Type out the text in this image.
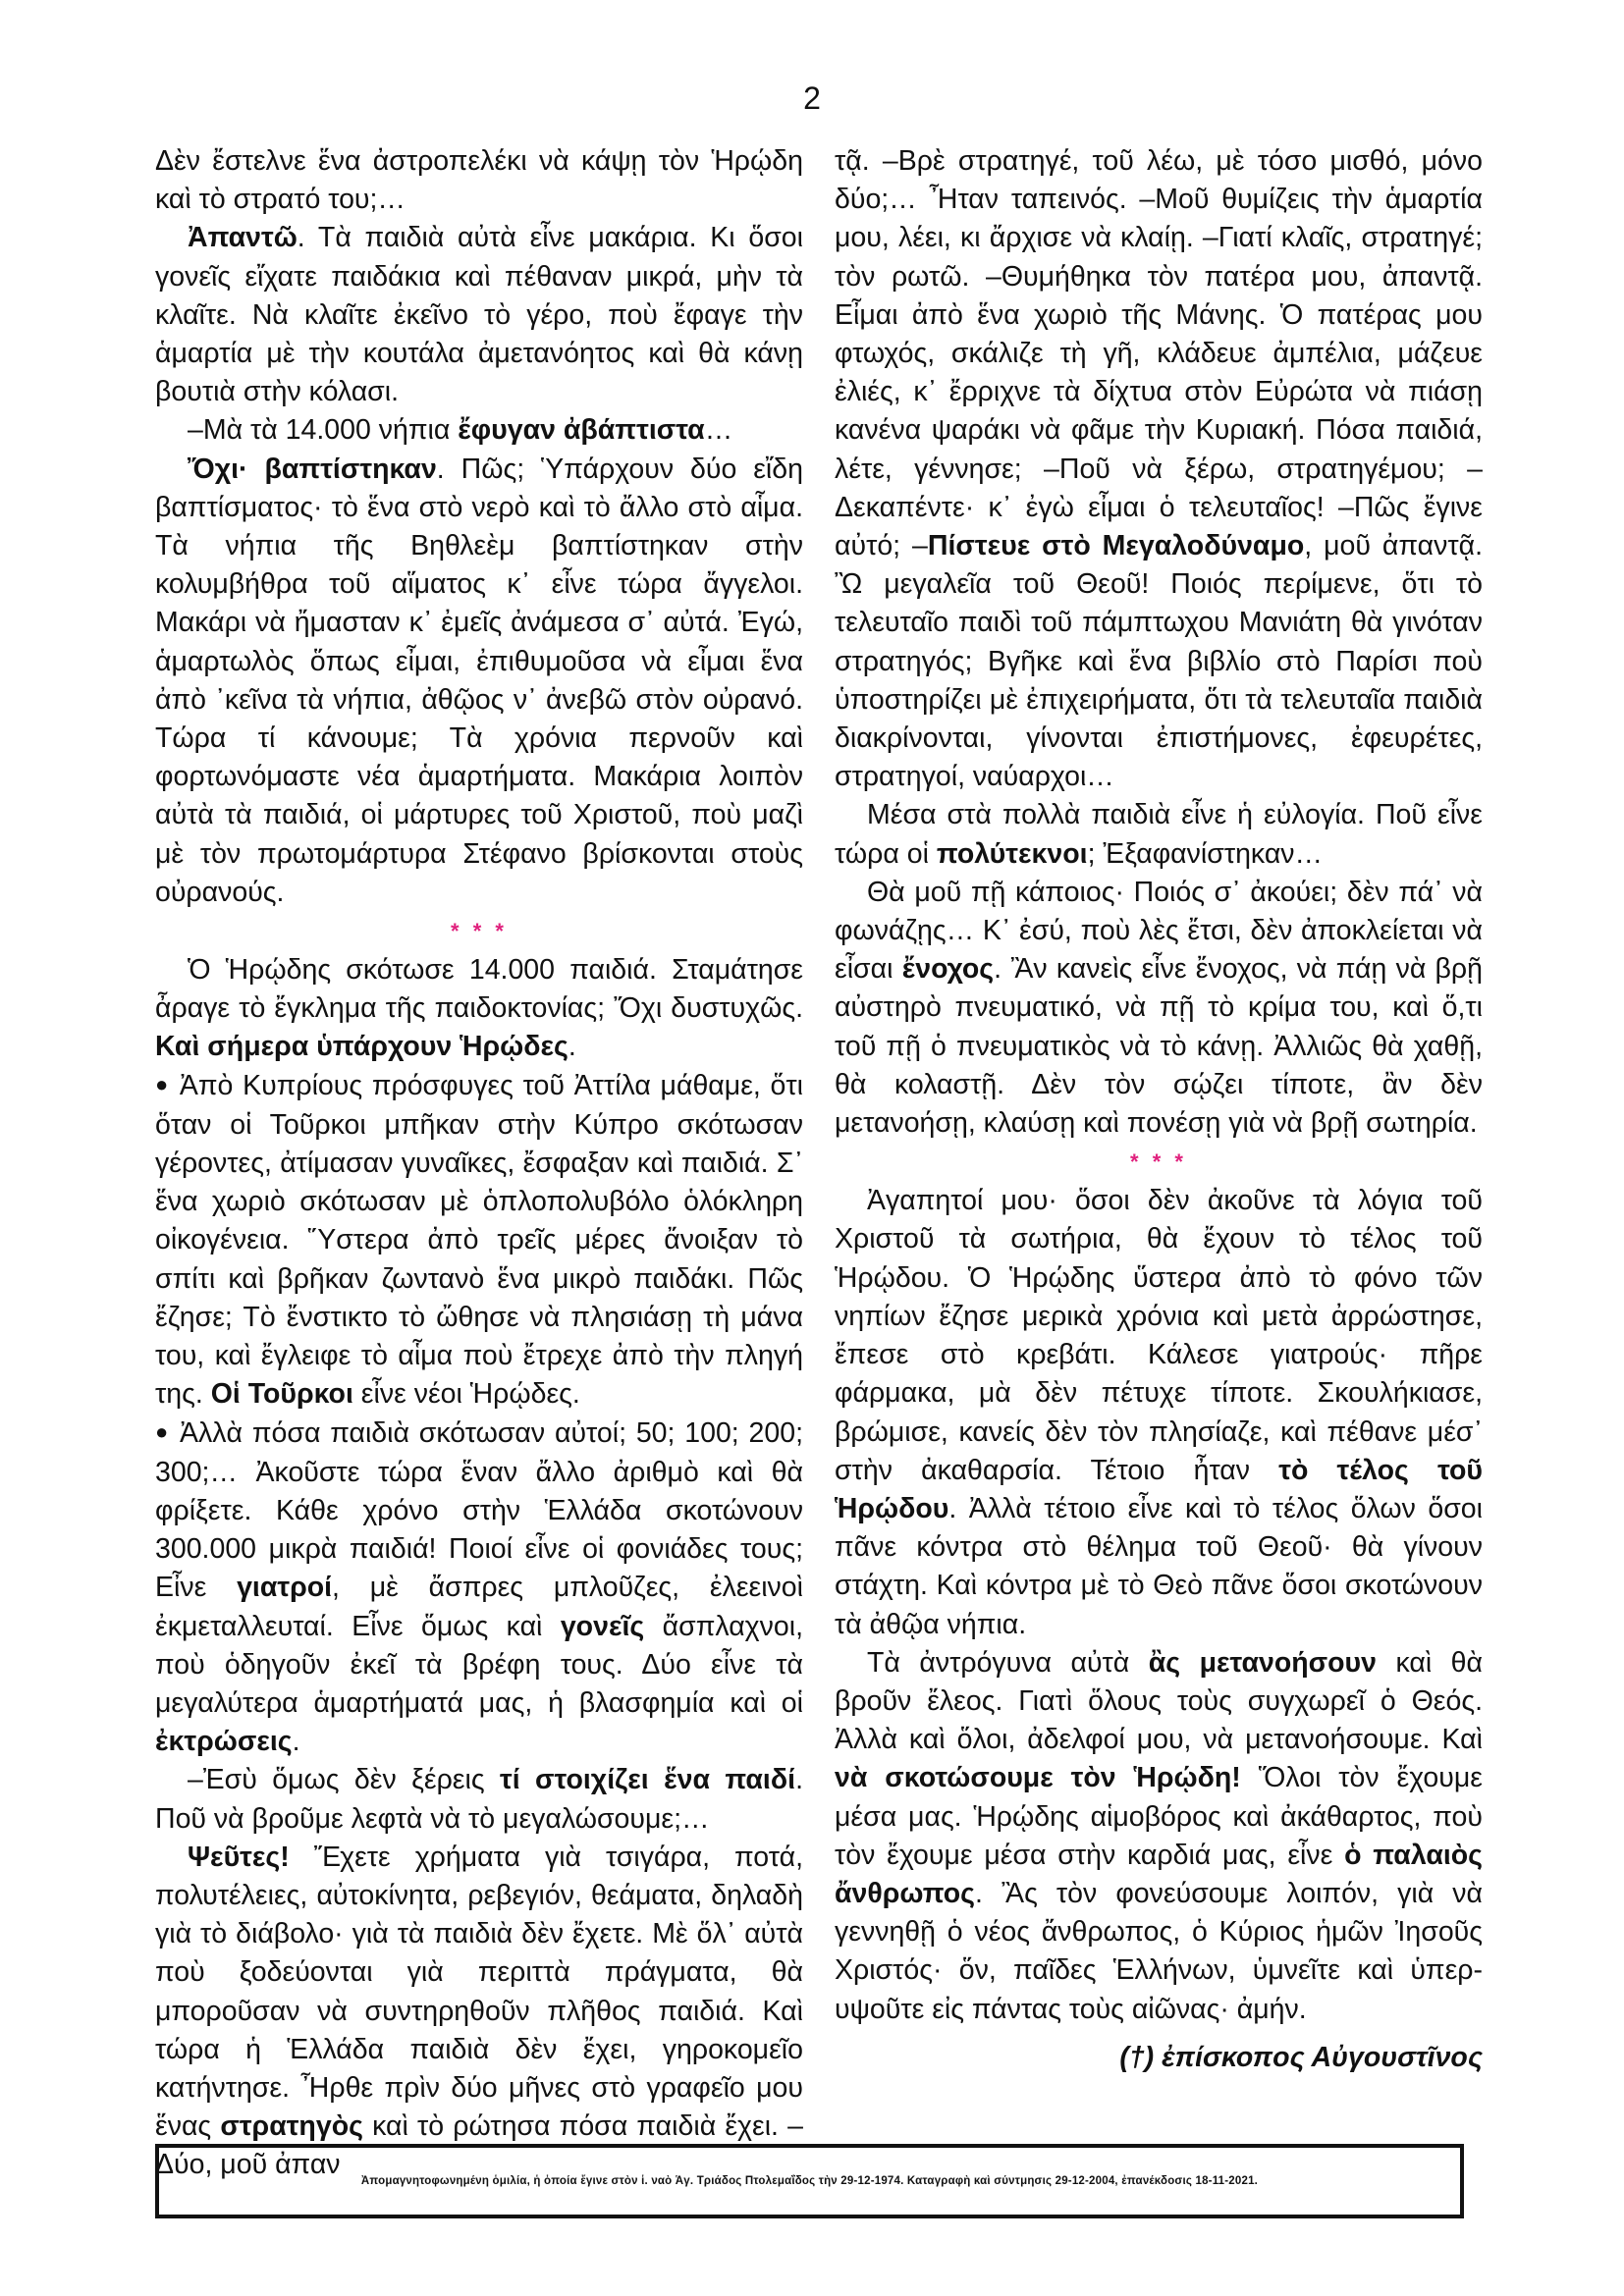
2

Δὲν ἔστελνε ἕνα ἀστροπελέκι νὰ κάψῃ τὸν Ἡρῴδη καὶ τὸ στρατό του;…

Ἀπαντῶ. Τὰ παιδιὰ αὐτὰ εἶνε μακάρια. Κι ὅσοι γονεῖς εἴχατε παιδάκια καὶ πέθαναν μικρά, μὴν τὰ κλαῖτε. Νὰ κλαῖτε ἐκεῖνο τὸ γέρο, ποὺ ἔφαγε τὴν ἁμαρτία μὲ τὴν κουτάλα ἀμετανόητος καὶ θὰ κάνῃ βουτιὰ στὴν κόλασι.

–Μὰ τὰ 14.000 νήπια ἔφυγαν ἀβάπτιστα…

Ὄχι· βαπτίστηκαν. Πῶς; Ὑπάρχουν δύο εἴδη βαπτίσματος· τὸ ἕνα στὸ νερὸ καὶ τὸ ἄλλο στὸ αἷμα. Τὰ νήπια τῆς Βηθλεὲμ βαπτίστηκαν στὴν κολυμβήθρα τοῦ αἵματος κ᾽ εἶνε τώρα ἄγγελοι. Μακάρι νὰ ἤμασταν κ᾽ ἐμεῖς ἀνάμεσα σ᾽ αὐτά. Ἐγώ, ἁμαρτωλὸς ὅπως εἶμαι, ἐπιθυμοῦσα νὰ εἶμαι ἕνα ἀπὸ ᾽κεῖνα τὰ νήπια, ἀθῷος ν᾽ ἀνεβῶ στὸν οὐρανό. Τώρα τί κάνουμε; Τὰ χρόνια περνοῦν καὶ φορτωνόμαστε νέα ἁμαρτήματα. Μακάρια λοιπὸν αὐτὰ τὰ παιδιά, οἱ μάρτυρες τοῦ Χριστοῦ, ποὺ μαζὶ μὲ τὸν πρωτομάρτυρα Στέφανο βρίσκονται στοὺς οὐρανούς.

* * *

Ὁ Ἡρῴδης σκότωσε 14.000 παιδιά. Σταμάτησε ἆραγε τὸ ἔγκλημα τῆς παιδοκτονίας; Ὄχι δυστυχῶς. Καὶ σήμερα ὑπάρχουν Ἡρῴδες.

● Ἀπὸ Κυπρίους πρόσφυγες τοῦ Ἀττίλα μάθαμε, ὅτι ὅταν οἱ Τοῦρκοι μπῆκαν στὴν Κύπρο σκότωσαν γέροντες, ἀτίμασαν γυναῖκες, ἔσφαξαν καὶ παιδιά. Σ᾽ ἕνα χωριὸ σκότωσαν μὲ ὁπλοπολυβόλο ὁλόκληρη οἰκογένεια. Ὕστερα ἀπὸ τρεῖς μέρες ἄνοιξαν τὸ σπίτι καὶ βρῆκαν ζωντανὸ ἕνα μικρὸ παιδάκι. Πῶς ἔζησε; Τὸ ἔνστικτο τὸ ὤθησε νὰ πλησιάσῃ τὴ μάνα του, καὶ ἔγλειφε τὸ αἷμα ποὺ ἔτρεχε ἀπὸ τὴν πληγή της. Οἱ Τοῦρκοι εἶνε νέοι Ἡρῴδες.

● Ἀλλὰ πόσα παιδιὰ σκότωσαν αὐτοί; 50; 100; 200; 300;… Ἀκοῦστε τώρα ἕναν ἄλλο ἀριθμὸ καὶ θὰ φρίξετε. Κάθε χρόνο στὴν Ἑλλάδα σκοτώνουν 300.000 μικρὰ παιδιά! Ποιοί εἶνε οἱ φονιάδες τους; Εἶνε γιατροί, μὲ ἄσπρες μπλοῦζες, ἐλεεινοὶ ἐκμεταλλευταί. Εἶνε ὅμως καὶ γονεῖς ἄσπλαχνοι, ποὺ ὁδηγοῦν ἐκεῖ τὰ βρέφη τους. Δύο εἶνε τὰ μεγαλύτερα ἁμαρτήματά μας, ἡ βλασφημία καὶ οἱ ἐκτρώσεις.

–Ἐσὺ ὅμως δὲν ξέρεις τί στοιχίζει ἕνα παιδί. Ποῦ νὰ βροῦμε λεφτὰ νὰ τὸ μεγαλώσουμε;…

Ψεῦτες! Ἔχετε χρήματα γιὰ τσιγάρα, ποτά, πολυτέλειες, αὐτοκίνητα, ρεβεγιόν, θεάματα, δηλαδὴ γιὰ τὸ διάβολο· γιὰ τὰ παιδιὰ δὲν ἔχετε. Μὲ ὅλ᾽ αὐτὰ ποὺ ξοδεύονται γιὰ περιττὰ πράγματα, θὰ μποροῦσαν νὰ συντηρηθοῦν πλῆθος παιδιά. Καὶ τώρα ἡ Ἑλλάδα παιδιὰ δὲν ἔχει, γηροκομεῖο κατήντησε. Ἦρθε πρὶν δύο μῆνες στὸ γραφεῖο μου ἕνας στρατηγὸς καὶ τὸ ρώτησα πόσα παιδιὰ ἔχει. –Δύο, μοῦ ἀπαν

τᾷ. –Βρὲ στρατηγέ, τοῦ λέω, μὲ τόσο μισθό, μόνο δύο;… Ἦταν ταπεινός. –Μοῦ θυμίζεις τὴν ἁμαρτία μου, λέει, κι ἄρχισε νὰ κλαίῃ. –Γιατί κλαῖς, στρατηγέ; τὸν ρωτῶ. –Θυμήθηκα τὸν πατέρα μου, ἀπαντᾷ. Εἶμαι ἀπὸ ἕνα χωριὸ τῆς Μάνης. Ὁ πατέρας μου φτωχός, σκάλιζε τὴ γῆ, κλάδευε ἀμπέλια, μάζευε ἐλιές, κ᾽ ἔρριχνε τὰ δίχτυα στὸν Εὐρώτα νὰ πιάσῃ κανένα ψαράκι νὰ φᾶμε τὴν Κυριακή. Πόσα παιδιά, λέτε, γέννησε; –Ποῦ νὰ ξέρω, στρατηγέμου; –Δεκαπέντε· κ᾽ ἐγὼ εἶμαι ὁ τελευταῖος! –Πῶς ἔγινε αὐτό; –Πίστευε στὸ Μεγαλοδύναμο, μοῦ ἀπαντᾷ. Ὢ μεγαλεῖα τοῦ Θεοῦ! Ποιός περίμενε, ὅτι τὸ τελευταῖο παιδὶ τοῦ πάμπτωχου Μανιάτη θὰ γινόταν στρατηγός; Βγῆκε καὶ ἕνα βιβλίο στὸ Παρίσι ποὺ ὑποστηρίζει μὲ ἐπιχειρήματα, ὅτι τὰ τελευταῖα παιδιὰ διακρίνονται, γίνονται ἐπιστήμονες, ἐφευρέτες, στρατηγοί, ναύαρχοι…

Μέσα στὰ πολλὰ παιδιὰ εἶνε ἡ εὐλογία. Ποῦ εἶνε τώρα οἱ πολύτεκνοι; Ἐξαφανίστηκαν…

Θὰ μοῦ πῇ κάποιος· Ποιός σ᾽ ἀκούει; δὲν πά᾽ νὰ φωνάζῃς… Κ᾽ ἐσύ, ποὺ λὲς ἔτσι, δὲν ἀποκλείεται νὰ εἶσαι ἔνοχος. Ἂν κανεὶς εἶνε ἔνοχος, νὰ πάῃ νὰ βρῇ αὐστηρὸ πνευματικό, νὰ πῇ τὸ κρίμα του, καὶ ὅ,τι τοῦ πῇ ὁ πνευματικὸς νὰ τὸ κάνῃ. Ἀλλιῶς θὰ χαθῇ, θὰ κολαστῇ. Δὲν τὸν σῴζει τίποτε, ἂν δὲν μετανοήσῃ, κλαύσῃ καὶ πονέσῃ γιὰ νὰ βρῇ σωτηρία.

* * *

Ἀγαπητοί μου· ὅσοι δὲν ἀκοῦνε τὰ λόγια τοῦ Χριστοῦ τὰ σωτήρια, θὰ ἔχουν τὸ τέλος τοῦ Ἡρῴδου. Ὁ Ἡρῴδης ὕστερα ἀπὸ τὸ φόνο τῶν νηπίων ἔζησε μερικὰ χρόνια καὶ μετὰ ἀρρώστησε, ἔπεσε στὸ κρεβάτι. Κάλεσε γιατρούς· πῆρε φάρμακα, μὰ δὲν πέτυχε τίποτε. Σκουλήκιασε, βρώμισε, κανείς δὲν τὸν πλησίαζε, καὶ πέθανε μέσ᾽ στὴν ἀκαθαρσία. Τέτοιο ἦταν τὸ τέλος τοῦ Ἡρῴδου. Ἀλλὰ τέτοιο εἶνε καὶ τὸ τέλος ὅλων ὅσοι πᾶνε κόντρα στὸ θέλημα τοῦ Θεοῦ· θὰ γίνουν στάχτη. Καὶ κόντρα μὲ τὸ Θεὸ πᾶνε ὅσοι σκοτώνουν τὰ ἀθῷα νήπια.

Τὰ ἀντρόγυνα αὐτὰ ἂς μετανοήσουν καὶ θὰ βροῦν ἔλεος. Γιατὶ ὅλους τοὺς συγχωρεῖ ὁ Θεός. Ἀλλὰ καὶ ὅλοι, ἀδελφοί μου, νὰ μετανοήσουμε. Καὶ νὰ σκοτώσουμε τὸν Ἡρῴδη! Ὅλοι τὸν ἔχουμε μέσα μας. Ἡρῴδης αἱμοβόρος καὶ ἀκάθαρτος, ποὺ τὸν ἔχουμε μέσα στὴν καρδιά μας, εἶνε ὁ παλαιὸς ἄνθρωπος. Ἂς τὸν φονεύσουμε λοιπόν, γιὰ νὰ γεννηθῇ ὁ νέος ἄνθρωπος, ὁ Κύριος ἡμῶν Ἰησοῦς Χριστός· ὅν, παῖδες Ἑλλήνων, ὑμνεῖτε καὶ ὑπερυψοῦτε εἰς πάντας τοὺς αἰῶνας· ἀμήν.

(†) ἐπίσκοπος Αὐγουστῖνος

Ἀπομαγνητοφωνημένη ὁμιλία, ἡ ὁποία ἔγινε στὸν ἱ. ναὸ Ἁγ. Τριάδος Πτολεμαΐδος τὴν 29-12-1974. Καταγραφὴ καὶ σύντμησις 29-12-2004, ἐπανέκδοσις 18-11-2021.
